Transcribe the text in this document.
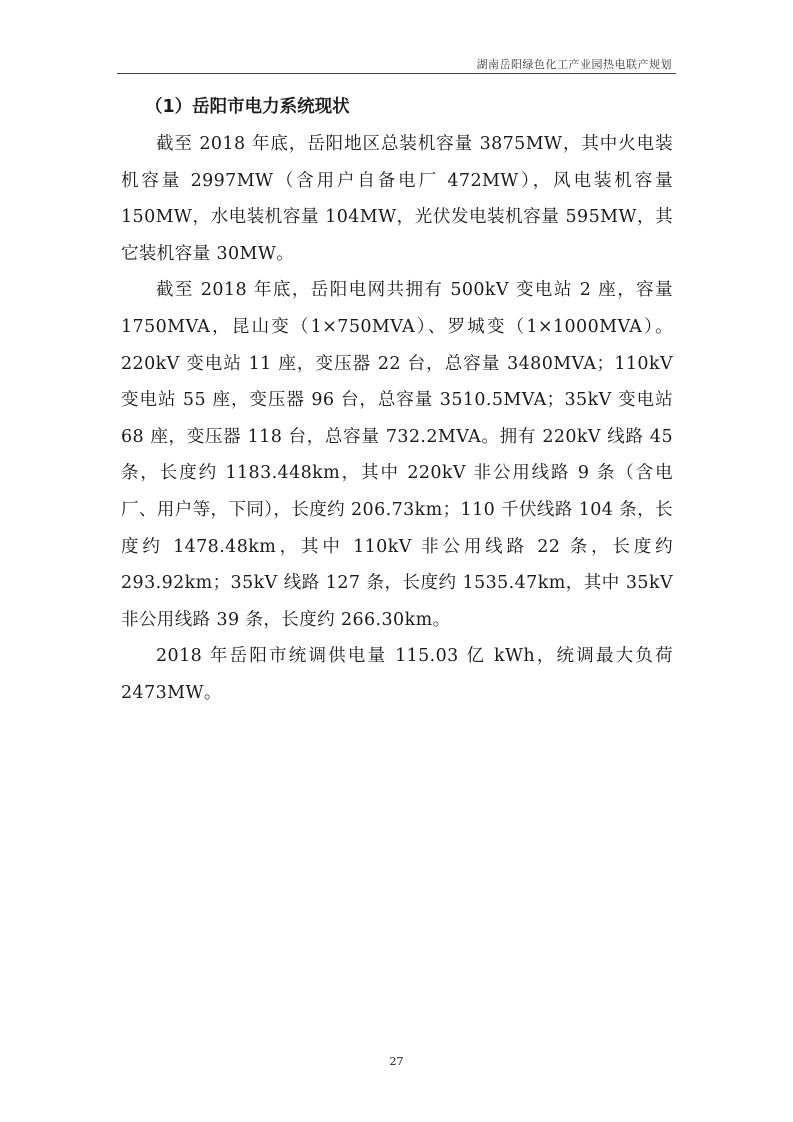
湖南岳阳绿色化工产业园热电联产规划
（1）岳阳市电力系统现状

截至 2018 年底，岳阳地区总装机容量 3875MW，其中火电装机容量 2997MW（含用户自备电厂 472MW），风电装机容量 150MW，水电装机容量 104MW，光伏发电装机容量 595MW，其它装机容量 30MW。

截至 2018 年底，岳阳电网共拥有 500kV 变电站 2 座，容量 1750MVA，昆山变（1×750MVA）、罗城变（1×1000MVA）。220kV 变电站 11 座，变压器 22 台，总容量 3480MVA；110kV 变电站 55 座，变压器 96 台，总容量 3510.5MVA；35kV 变电站 68 座，变压器 118 台，总容量 732.2MVA。拥有 220kV 线路 45 条，长度约 1183.448km，其中 220kV 非公用线路 9 条（含电厂、用户等，下同），长度约 206.73km；110 千伏线路 104 条，长度约 1478.48km，其中 110kV 非公用线路 22 条，长度约 293.92km；35kV 线路 127 条，长度约 1535.47km，其中 35kV 非公用线路 39 条，长度约 266.30km。

2018 年岳阳市统调供电量 115.03 亿 kWh，统调最大负荷 2473MW。

27
